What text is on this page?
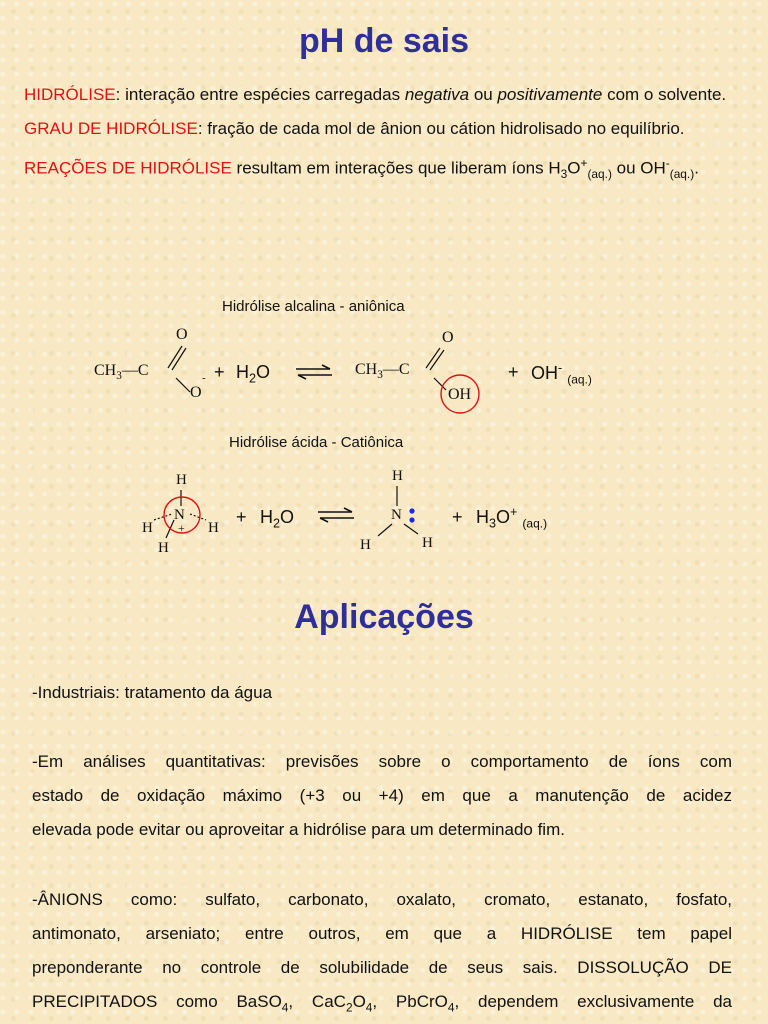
pH de sais

HIDRÓLISE: interação entre espécies carregadas negativa ou positivamente com o solvente.
GRAU DE HIDRÓLISE: fração de cada mol de ânion ou cátion hidrolisado no equilíbrio.
REAÇÕES DE HIDRÓLISE resultam em interações que liberam íons $H_3O^+_{(aq.)}$ ou $OH^-_{(aq.)}$.

Hidrólise alcalina - aniônica
$CH_3—C$
O
O
- + $H_2O$	$CH_3—C$
O
OH
+ OH- $_{(aq.)}$
Hidrólise ácida - Catiônica
H
H	H
H
N
+
+ $H_2O$
H
N
H	H
+ $H_3O^+$ $_{(aq.)}$
Aplicações

-Industriais: tratamento da água

-Em análises quantitativas: previsões sobre o comportamento de íons com
estado de oxidação máximo (+3 ou +4) em que a manutenção de acidez
elevada pode evitar ou aproveitar a hidrólise para um determinado fim.
-ÂNIONS como: sulfato, carbonato, oxalato, cromato, estanato, fosfato,
antimonato, arseniato; entre outros, em que a HIDRÓLISE tem papel
preponderante no controle de solubilidade de seus sais. DISSOLUÇÃO DE
PRECIPITADOS como BaSO$_4$, $CaC_2O_4$, PbCrO$_4$, dependem exclusivamente da
